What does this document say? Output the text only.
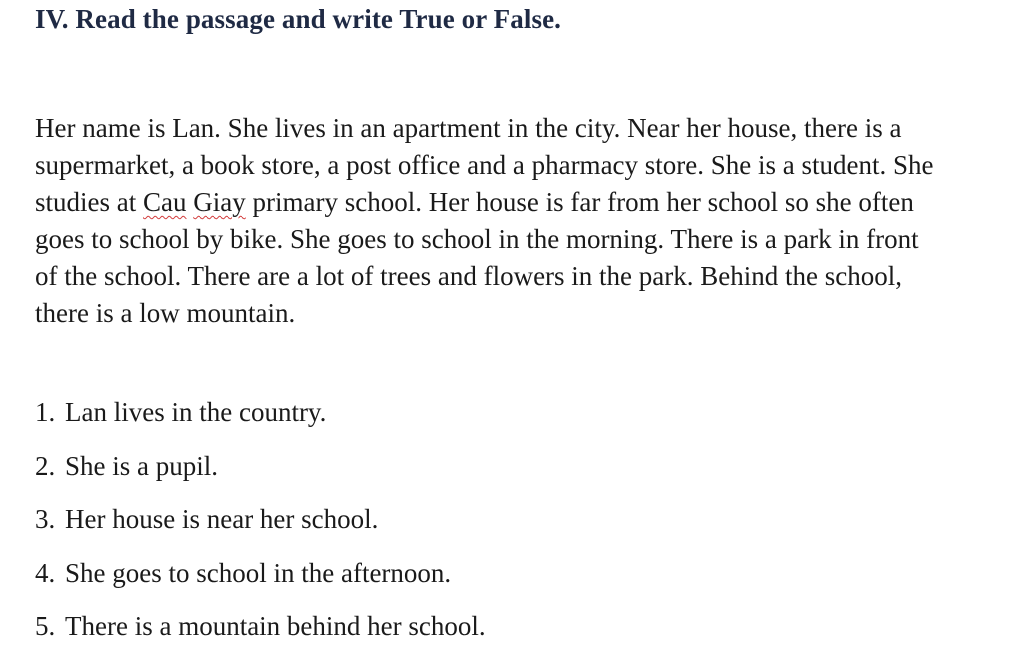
IV. Read the passage and write True or False.
Her name is Lan. She lives in an apartment in the city. Near her house, there is a
supermarket, a book store, a post office and a pharmacy store. She is a student. She
studies at Cau Giay primary school. Her house is far from her school so she often
goes to school by bike. She goes to school in the morning. There is a park in front
of the school. There are a lot of trees and flowers in the park. Behind the school,
there is a low mountain.
1. Lan lives in the country.
2. She is a pupil.
3. Her house is near her school.
4. She goes to school in the afternoon.
5. There is a mountain behind her school.
